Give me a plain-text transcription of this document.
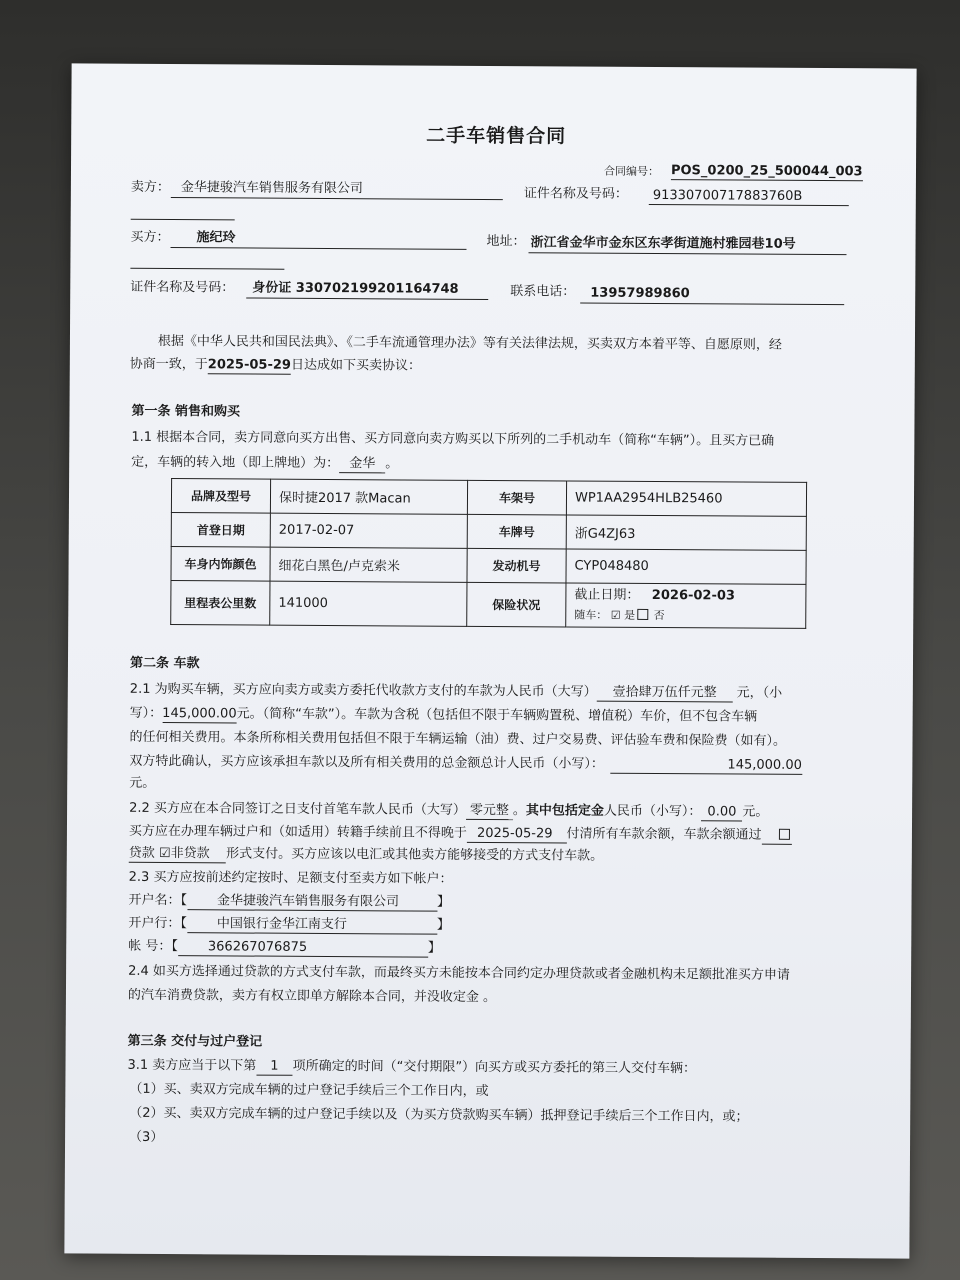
二手车销售合同
合同编号： POS_0200_25_500044_003
卖方： 金华捷骏汽车销售服务有限公司	证件名称及号码： 91330700717883760B
买方： 施纪玲	地址： 浙江省金华市金东区东孝街道施村雅园巷10号
证件名称及号码： 身份证 330702199201164748	联系电话： 13957989860
根据《中华人民共和国民法典》、《二手车流通管理办法》等有关法律法规，买卖双方本着平等、自愿原则，经
协商一致，于2025-05-29日达成如下买卖协议：
第一条 销售和购买
1.1 根据本合同，卖方同意向买方出售、买方同意向卖方购买以下所列的二手机动车（简称“车辆”）。且买方已确
定，车辆的转入地（即上牌地）为： 金华 。
品牌及型号	保时捷2017 款Macan	车架号	WP1AA2954HLB25460
首登日期	2017-02-07	车牌号	浙G4ZJ63
车身内饰颜色	细花白黑色/卢克索米	发动机号	CYP048480
里程表公里数	141000	保险状况	截止日期： 2026-02-03
随车： ☑ 是 否
第二条 车款
2.1 为购买车辆，买方应向卖方或卖方委托代收款方支付的车款为人民币（大写） 壹拾肆万伍仟元整 元，（小
写）：145,000.00元。（简称“车款”）。车款为含税（包括但不限于车辆购置税、增值税）车价，但不包含车辆
的任何相关费用。本条所称相关费用包括但不限于车辆运输（油）费、过户交易费、评估验车费和保险费（如有）。
双方特此确认，买方应该承担车款以及所有相关费用的总金额总计人民币（小写）：	145,000.00
元。
2.2 买方应在本合同签订之日支付首笔车款人民币（大写） 零元整 。其中包括定金人民币（小写）： 0.00 元。
买方应在办理车辆过户和（如适用）转籍手续前且不得晚于 2025-05-29 付清所有车款余额，车款余额通过
贷款 ☑非贷款 形式支付。买方应该以电汇或其他卖方能够接受的方式支付车款。
2.3 买方应按前述约定按时、足额支付至卖方如下帐户：
开户名：【 金华捷骏汽车销售服务有限公司	】
开户行：【 中国银行金华江南支行	】
帐 号：【 366267076875	】
2.4 如买方选择通过贷款的方式支付车款，而最终买方未能按本合同约定办理贷款或者金融机构未足额批准买方申请
的汽车消费贷款，卖方有权立即单方解除本合同，并没收定金 。
第三条 交付与过户登记
3.1 卖方应当于以下第 1 项所确定的时间（“交付期限”）向买方或买方委托的第三人交付车辆：
（1）买、卖双方完成车辆的过户登记手续后三个工作日内，或
（2）买、卖双方完成车辆的过户登记手续以及（为买方贷款购买车辆）抵押登记手续后三个工作日内，或；
（3）
